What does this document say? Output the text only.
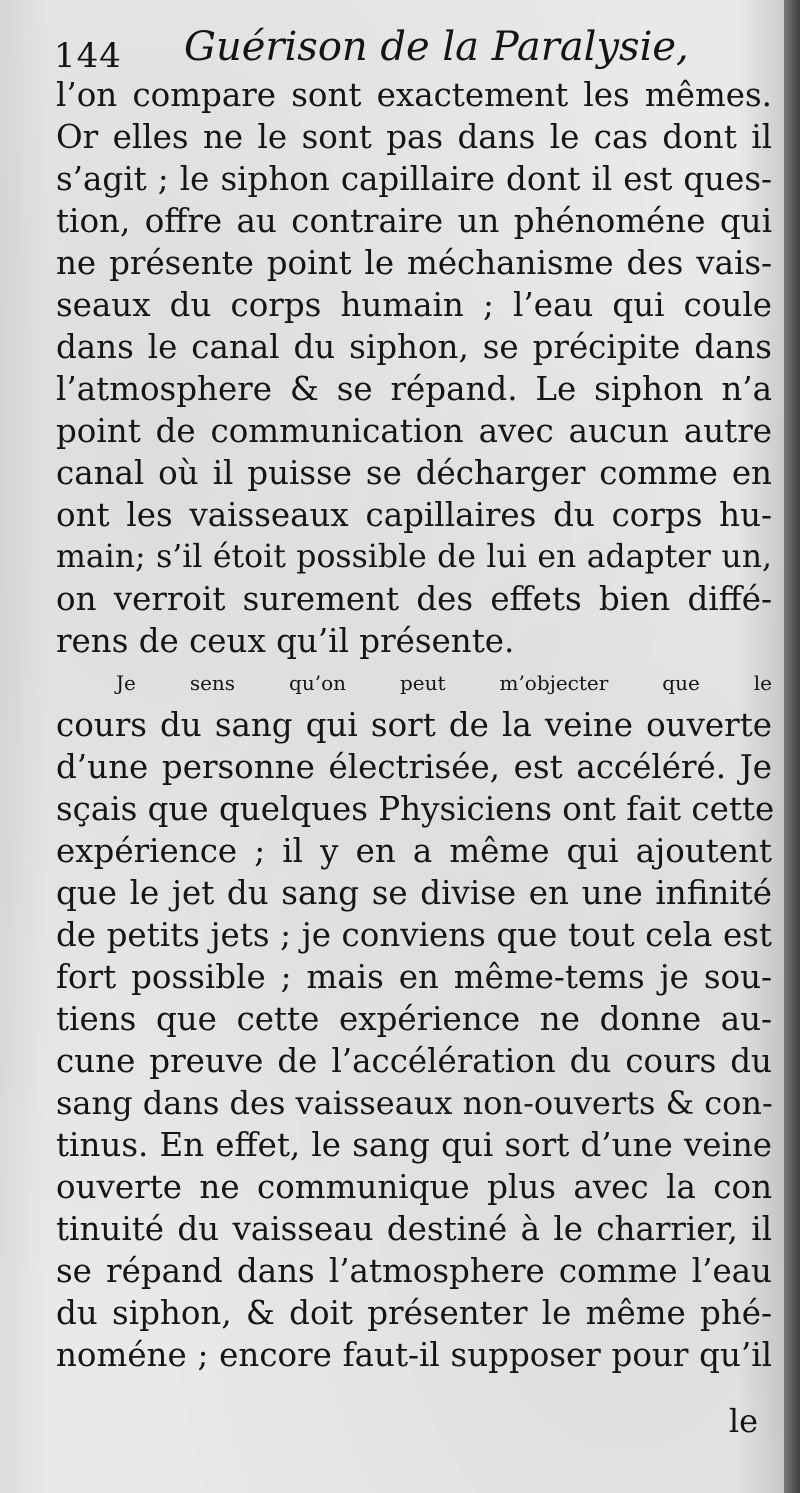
144 Guérison de la Paralysie,
l’on compare sont exactement les mêmes.
Or elles ne le sont pas dans le cas dont il
s’agit ; le siphon capillaire dont il est ques-
tion, offre au contraire un phénoméne qui
ne présente point le méchanisme des vais-
seaux du corps humain ; l’eau qui coule
dans le canal du siphon, se précipite dans
l’atmosphere & se répand. Le siphon n’a
point de communication avec aucun autre
canal où il puisse se décharger comme en
ont les vaisseaux capillaires du corps hu-
main; s’il étoit possible de lui en adapter un,
on verroit surement des effets bien diffé-
rens de ceux qu’il présente.
Je sens qu’on peut m’objecter que le
cours du sang qui sort de la veine ouverte
d’une personne électrisée, est accéléré. Je
sçais que quelques Physiciens ont fait cette
expérience ; il y en a même qui ajoutent
que le jet du sang se divise en une infinité
de petits jets ; je conviens que tout cela est
fort possible ; mais en même-tems je sou-
tiens que cette expérience ne donne au-
cune preuve de l’accélération du cours du
sang dans des vaisseaux non-ouverts & con-
tinus. En effet, le sang qui sort d’une veine
ouverte ne communique plus avec la con
tinuité du vaisseau destiné à le charrier, il
se répand dans l’atmosphere comme l’eau
du siphon, & doit présenter le même phé-
noméne ; encore faut-il supposer pour qu’il
le
